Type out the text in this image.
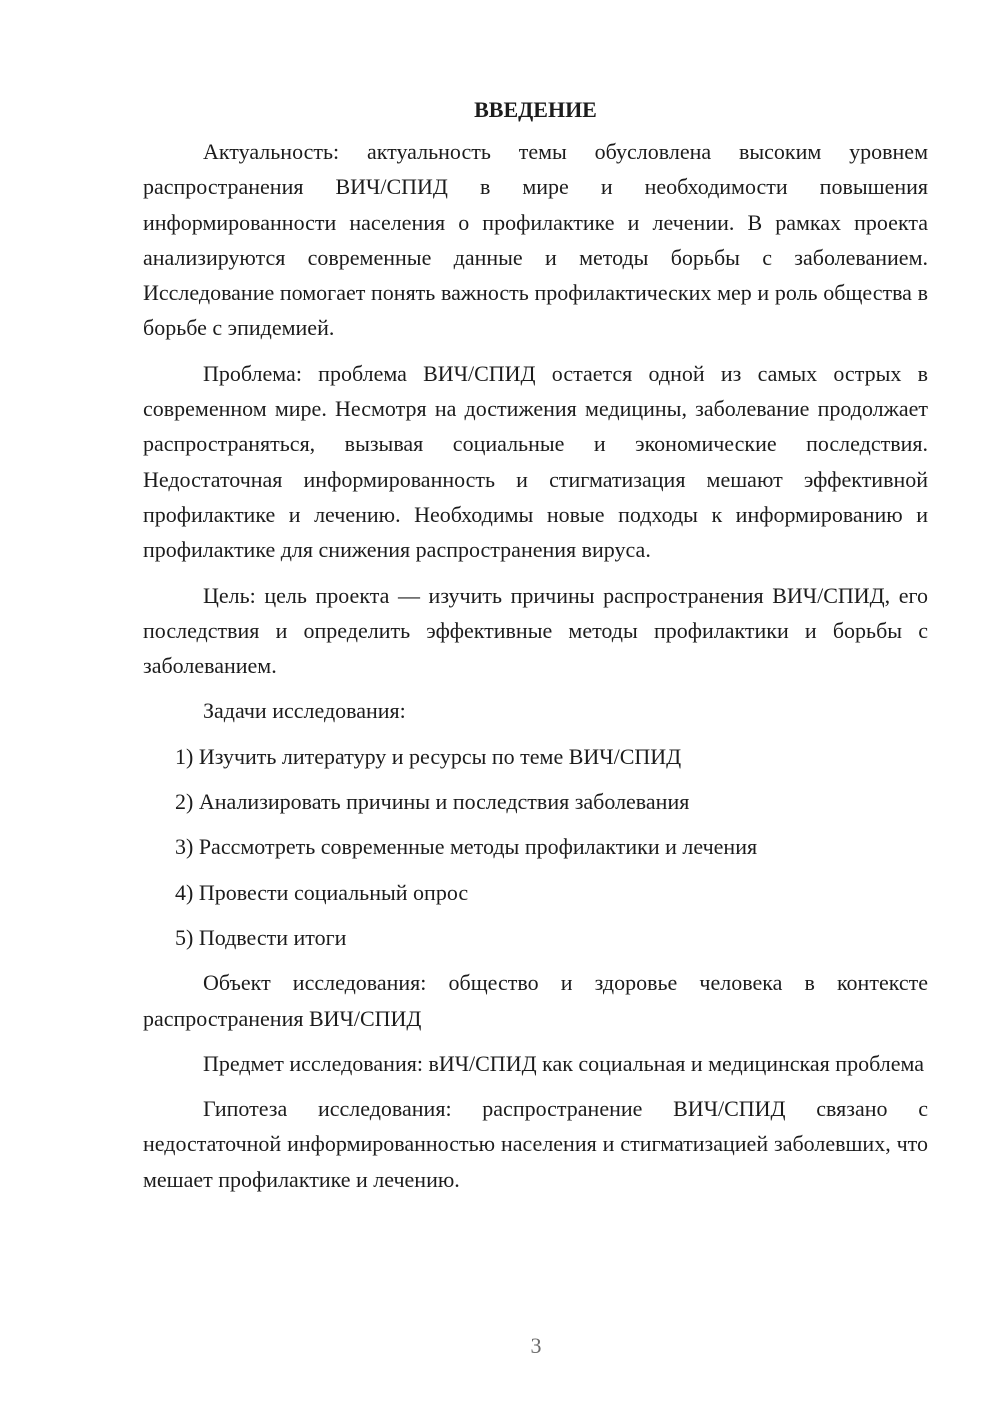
ВВЕДЕНИЕ

Актуальность: актуальность темы обусловлена высоким уровнем распространения ВИЧ/СПИД в мире и необходимости повышения информированности населения о профилактике и лечении. В рамках проекта анализируются современные данные и методы борьбы с заболеванием. Исследование помогает понять важность профилактических мер и роль общества в борьбе с эпидемией.

Проблема: проблема ВИЧ/СПИД остается одной из самых острых в современном мире. Несмотря на достижения медицины, заболевание продолжает распространяться, вызывая социальные и экономические последствия. Недостаточная информированность и стигматизация мешают эффективной профилактике и лечению. Необходимы новые подходы к информированию и профилактике для снижения распространения вируса.

Цель: цель проекта — изучить причины распространения ВИЧ/СПИД, его последствия и определить эффективные методы профилактики и борьбы с заболеванием.

Задачи исследования:

1) Изучить литературу и ресурсы по теме ВИЧ/СПИД
2) Анализировать причины и последствия заболевания
3) Рассмотреть современные методы профилактики и лечения
4) Провести социальный опрос
5) Подвести итоги

Объект исследования: общество и здоровье человека в контексте распространения ВИЧ/СПИД

Предмет исследования: вИЧ/СПИД как социальная и медицинская проблема

Гипотеза исследования: распространение ВИЧ/СПИД связано с недостаточной информированностью населения и стигматизацией заболевших, что мешает профилактике и лечению.

3
